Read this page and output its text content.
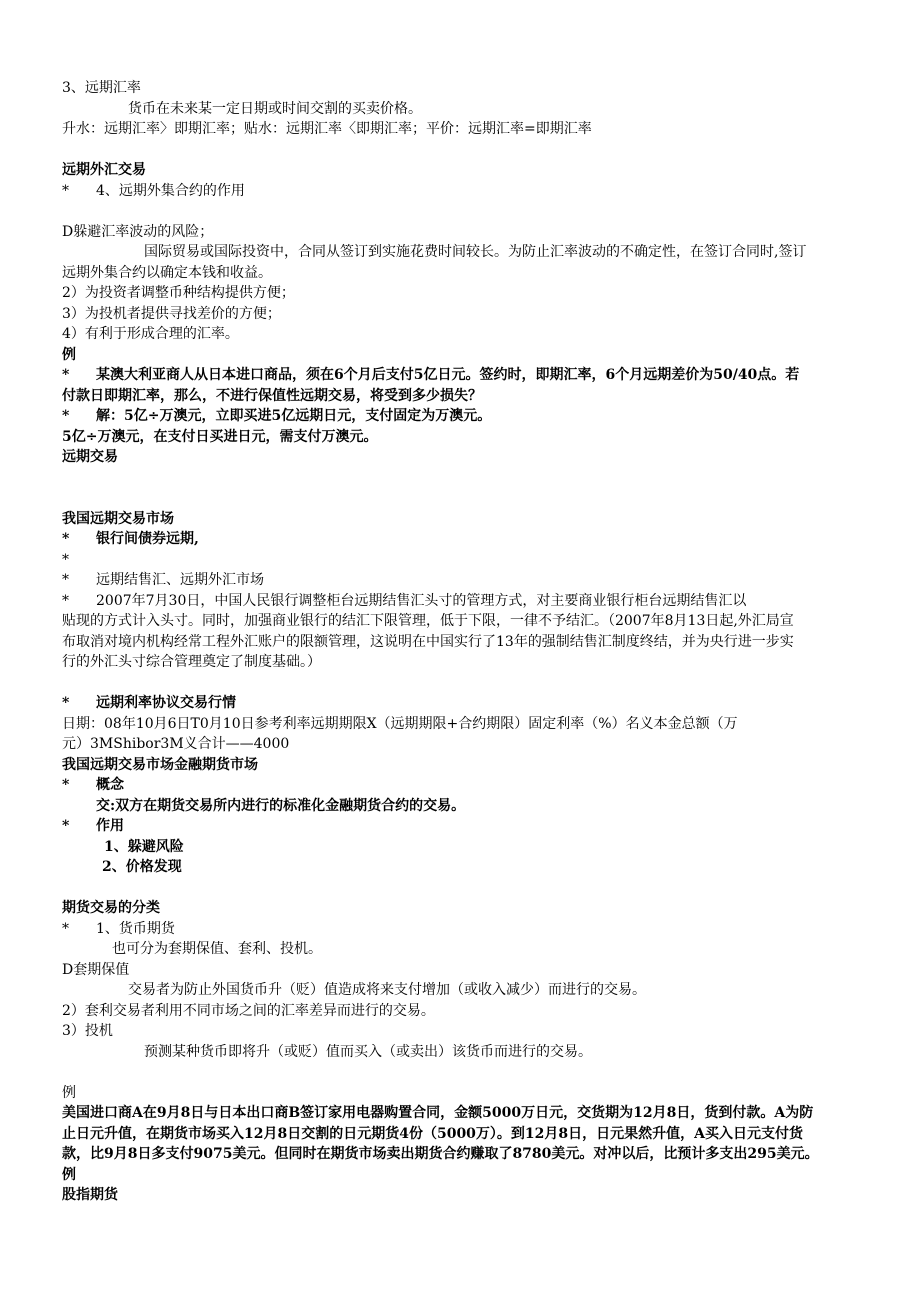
3、远期汇率
货币在未来某一定日期或时间交割的买卖价格。
升水：远期汇率〉即期汇率；贴水：远期汇率〈即期汇率；平价：远期汇率=即期汇率
远期外汇交易
* 4、远期外集合约的作用
D躲避汇率波动的风险；
国际贸易或国际投资中，合同从签订到实施花费时间较长。为防止汇率波动的不确定性，在签订合同时,签订
远期外集合约以确定本钱和收益。
2）为投资者调整币种结构提供方便；
3）为投机者提供寻找差价的方便；
4）有利于形成合理的汇率。
例
* 某澳大利亚商人从日本进口商品，须在6个月后支付5亿日元。签约时，即期汇率，6个月远期差价为50/40点。若
付款日即期汇率，那么，不进行保值性远期交易，将受到多少损失？
* 解：5亿÷万澳元，立即买进5亿远期日元，支付固定为万澳元。
5亿÷万澳元，在支付日买进日元，需支付万澳元。
远期交易
我国远期交易市场
* 银行间债券远期,
*
* 远期结售汇、远期外汇市场
* 2007年7月30日，中国人民银行调整柜台远期结售汇头寸的管理方式，对主要商业银行柜台远期结售汇以
贴现的方式计入头寸。同时，加强商业银行的结汇下限管理，低于下限，一律不予结汇。（2007年8月13日起,外汇局宣
布取消对境内机构经常工程外汇账户的限额管理，这说明在中国实行了13年的强制结售汇制度终结，并为央行进一步实
行的外汇头寸综合管理奠定了制度基础。）
* 远期利率协议交易行情
日期：08年10月6日T0月10日参考利率远期期限X（远期期限+合约期限）固定利率（%）名义本金总额（万
元）3MShibor3M义合计——4000
我国远期交易市场金融期货市场
* 概念
交:双方在期货交易所内进行的标准化金融期货合约的交易。
* 作用
1、躲避风险
2、价格发现
期货交易的分类
* 1、货币期货
也可分为套期保值、套利、投机。
D套期保值
交易者为防止外国货币升（贬）值造成将来支付增加（或收入减少）而进行的交易。
2）套利交易者利用不同市场之间的汇率差异而进行的交易。
3）投机
预测某种货币即将升（或贬）值而买入（或卖出）该货币而进行的交易。
例
美国进口商A在9月8日与日本出口商B签订家用电器购置合同，金额5000万日元，交货期为12月8日，货到付款。A为防
止日元升值，在期货市场买入12月8日交割的日元期货4份（5000万）。到12月8日，日元果然升值，A买入日元支付货
款，比9月8日多支付9075美元。但同时在期货市场卖出期货合约赚取了8780美元。对冲以后，比预计多支出295美元。
例
股指期货
